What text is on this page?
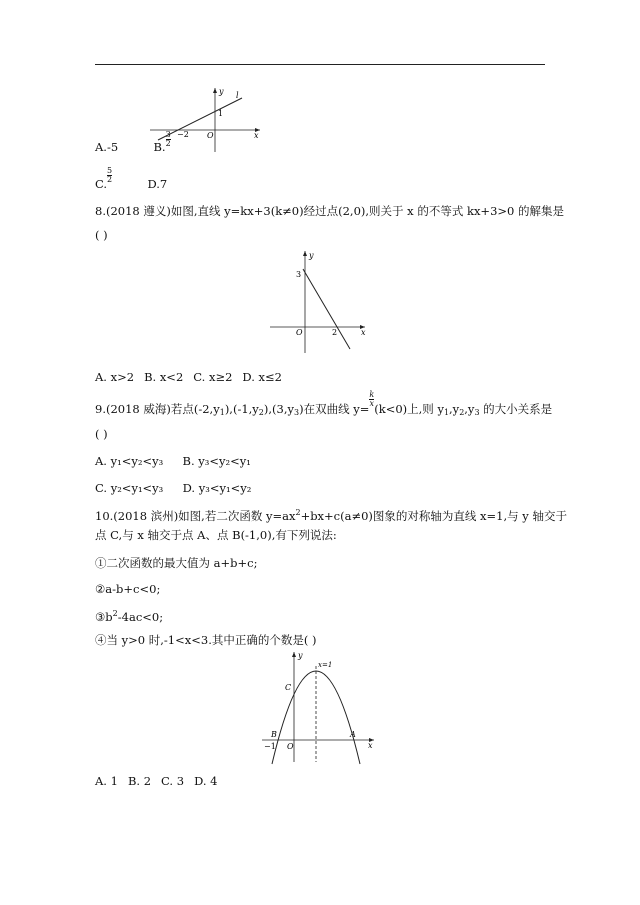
y
x
l
O
−2
1
A.-5	$B.\frac{3}{2}$
$C.\frac{5}{2}$
D.7
8.(2018 遵义)如图,直线 y=kx+3(k≠0)经过点(2,0),则关于 x 的不等式 kx+3>0 的解集是
( )
y
x
O
3
2
A. x>2 B. x<2 C. x≥2 D. x≤2
9.(2018 威海)若点$(-2,y_1),(-1,y_2),(3,y_3)$在双曲线 $y=\frac{k}{x}$
(k<0)上,则 $y_1,y_2,y_3$ 的大小关系是
( )
A. y₁<y₂<y₃ B. y₃<y₂<y₁
C. y₂<y₁<y₃ D. y₃<y₁<y₂
10.(2018 滨州)如图,若二次函数 $y=ax^2+bx+c(a\ne 0)$图象的对称轴为直线 x=1,与 y 轴交于
点 C,与 x 轴交于点 A、点 B(-1,0),有下列说法:
①二次函数的最大值为 a+b+c;
②a-b+c<0;
$③b^2-4ac<0$;
④当 y>0 时,-1<x<3.其中正确的个数是( )
y
x
x=1
C
B	A
O
−1
A. 1 B. 2 C. 3 D. 4
